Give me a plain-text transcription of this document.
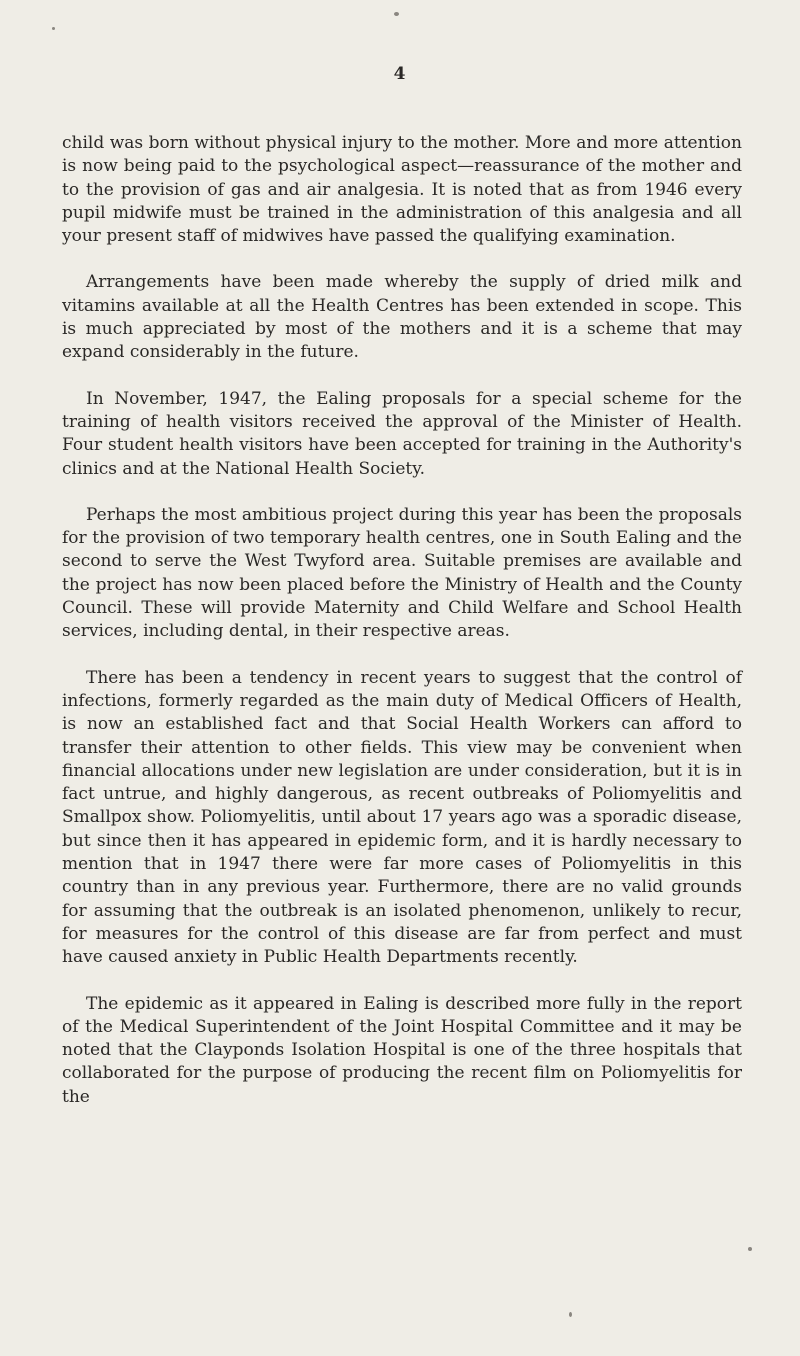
4

child was born without physical injury to the mother. More and more attention is now being paid to the psychological aspect—reassurance of the mother and to the provision of gas and air analgesia. It is noted that as from 1946 every pupil midwife must be trained in the administration of this analgesia and all your present staff of midwives have passed the qualifying examination.

Arrangements have been made whereby the supply of dried milk and vitamins available at all the Health Centres has been extended in scope. This is much appreciated by most of the mothers and it is a scheme that may expand considerably in the future.

In November, 1947, the Ealing proposals for a special scheme for the training of health visitors received the approval of the Minister of Health. Four student health visitors have been accepted for training in the Authority's clinics and at the National Health Society.

Perhaps the most ambitious project during this year has been the proposals for the provision of two temporary health centres, one in South Ealing and the second to serve the West Twyford area. Suitable premises are available and the project has now been placed before the Ministry of Health and the County Council. These will provide Maternity and Child Welfare and School Health services, including dental, in their respective areas.

There has been a tendency in recent years to suggest that the control of infections, formerly regarded as the main duty of Medical Officers of Health, is now an established fact and that Social Health Workers can afford to transfer their attention to other fields. This view may be convenient when financial allocations under new legislation are under consideration, but it is in fact untrue, and highly dangerous, as recent outbreaks of Poliomyelitis and Smallpox show. Poliomyelitis, until about 17 years ago was a sporadic disease, but since then it has appeared in epidemic form, and it is hardly necessary to mention that in 1947 there were far more cases of Poliomyelitis in this country than in any previous year. Furthermore, there are no valid grounds for assuming that the outbreak is an isolated phenomenon, unlikely to recur, for measures for the control of this disease are far from perfect and must have caused anxiety in Public Health Departments recently.

The epidemic as it appeared in Ealing is described more fully in the report of the Medical Superintendent of the Joint Hospital Committee and it may be noted that the Clayponds Isolation Hospital is one of the three hospitals that collaborated for the purpose of producing the recent film on Poliomyelitis for the
